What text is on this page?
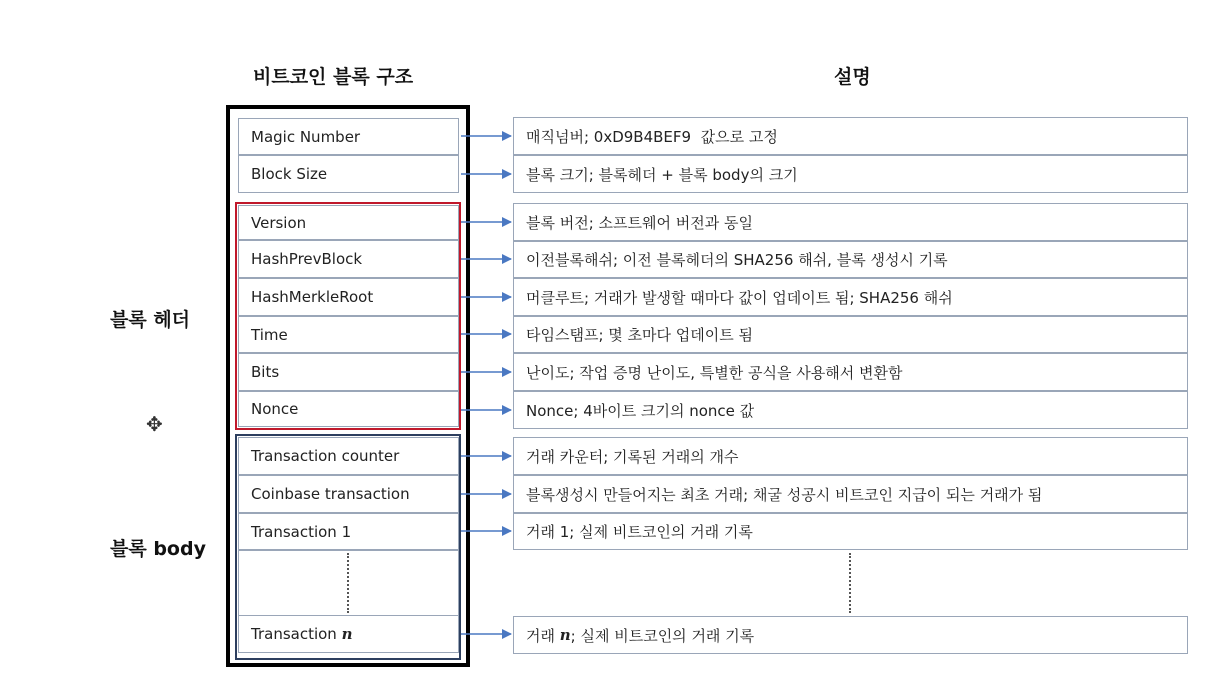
비트코인 블록 구조	설명
블록 헤더
블록 body
Magic Number
Block Size
Version
HashPrevBlock
HashMerkleRoot
Time
Bits
Nonce
Transaction counter
Coinbase transaction
Transaction 1
Transaction n
매직넘버; 0xD9B4BEF9  값으로 고정
블록 크기; 블록헤더 + 블록 body의 크기
블록 버전; 소프트웨어 버전과 동일
이전블록해쉬; 이전 블록헤더의 SHA256 해쉬, 블록 생성시 기록
머클루트; 거래가 발생할 때마다 값이 업데이트 됨; SHA256 해쉬
타임스탬프; 몇 초마다 업데이트 됨
난이도; 작업 증명 난이도, 특별한 공식을 사용해서 변환함
Nonce; 4바이트 크기의 nonce 값
거래 카운터; 기록된 거래의 개수
블록생성시 만들어지는 최초 거래; 채굴 성공시 비트코인 지급이 되는 거래가 됨
거래 1; 실제 비트코인의 거래 기록
거래 n ; 실제 비트코인의 거래 기록
✥
